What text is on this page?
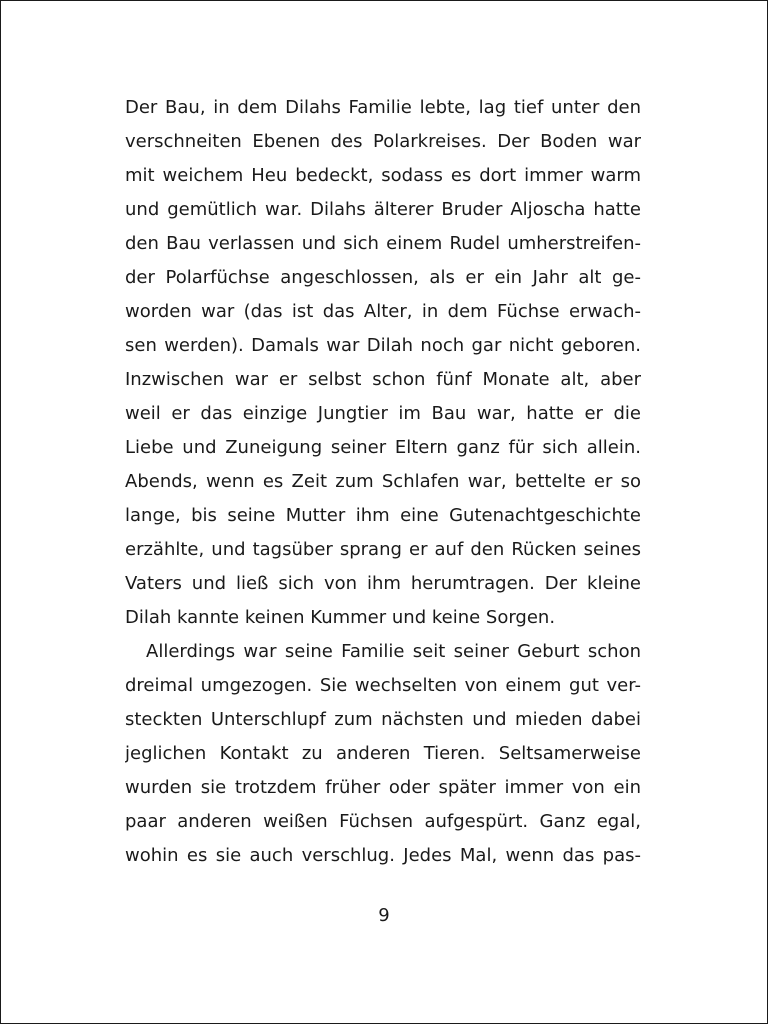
Der Bau, in dem Dilahs Familie lebte, lag tief unter den
verschneiten Ebenen des Polarkreises. Der Boden war
mit weichem Heu bedeckt, sodass es dort immer warm
und gemütlich war. Dilahs älterer Bruder Aljoscha hatte
den Bau verlassen und sich einem Rudel umherstreifen-
der Polarfüchse angeschlossen, als er ein Jahr alt ge-
worden war (das ist das Alter, in dem Füchse erwach-
sen werden). Damals war Dilah noch gar nicht geboren.
Inzwischen war er selbst schon fünf Monate alt, aber
weil er das einzige Jungtier im Bau war, hatte er die
Liebe und Zuneigung seiner Eltern ganz für sich allein.
Abends, wenn es Zeit zum Schlafen war, bettelte er so
lange, bis seine Mutter ihm eine Gutenachtgeschichte
erzählte, und tagsüber sprang er auf den Rücken seines
Vaters und ließ sich von ihm herumtragen. Der kleine
Dilah kannte keinen Kummer und keine Sorgen.
Allerdings war seine Familie seit seiner Geburt schon
dreimal umgezogen. Sie wechselten von einem gut ver-
steckten Unterschlupf zum nächsten und mieden dabei
jeglichen Kontakt zu anderen Tieren. Seltsamerweise
wurden sie trotzdem früher oder später immer von ein
paar anderen weißen Füchsen aufgespürt. Ganz egal,
wohin es sie auch verschlug. Jedes Mal, wenn das pas-
9
